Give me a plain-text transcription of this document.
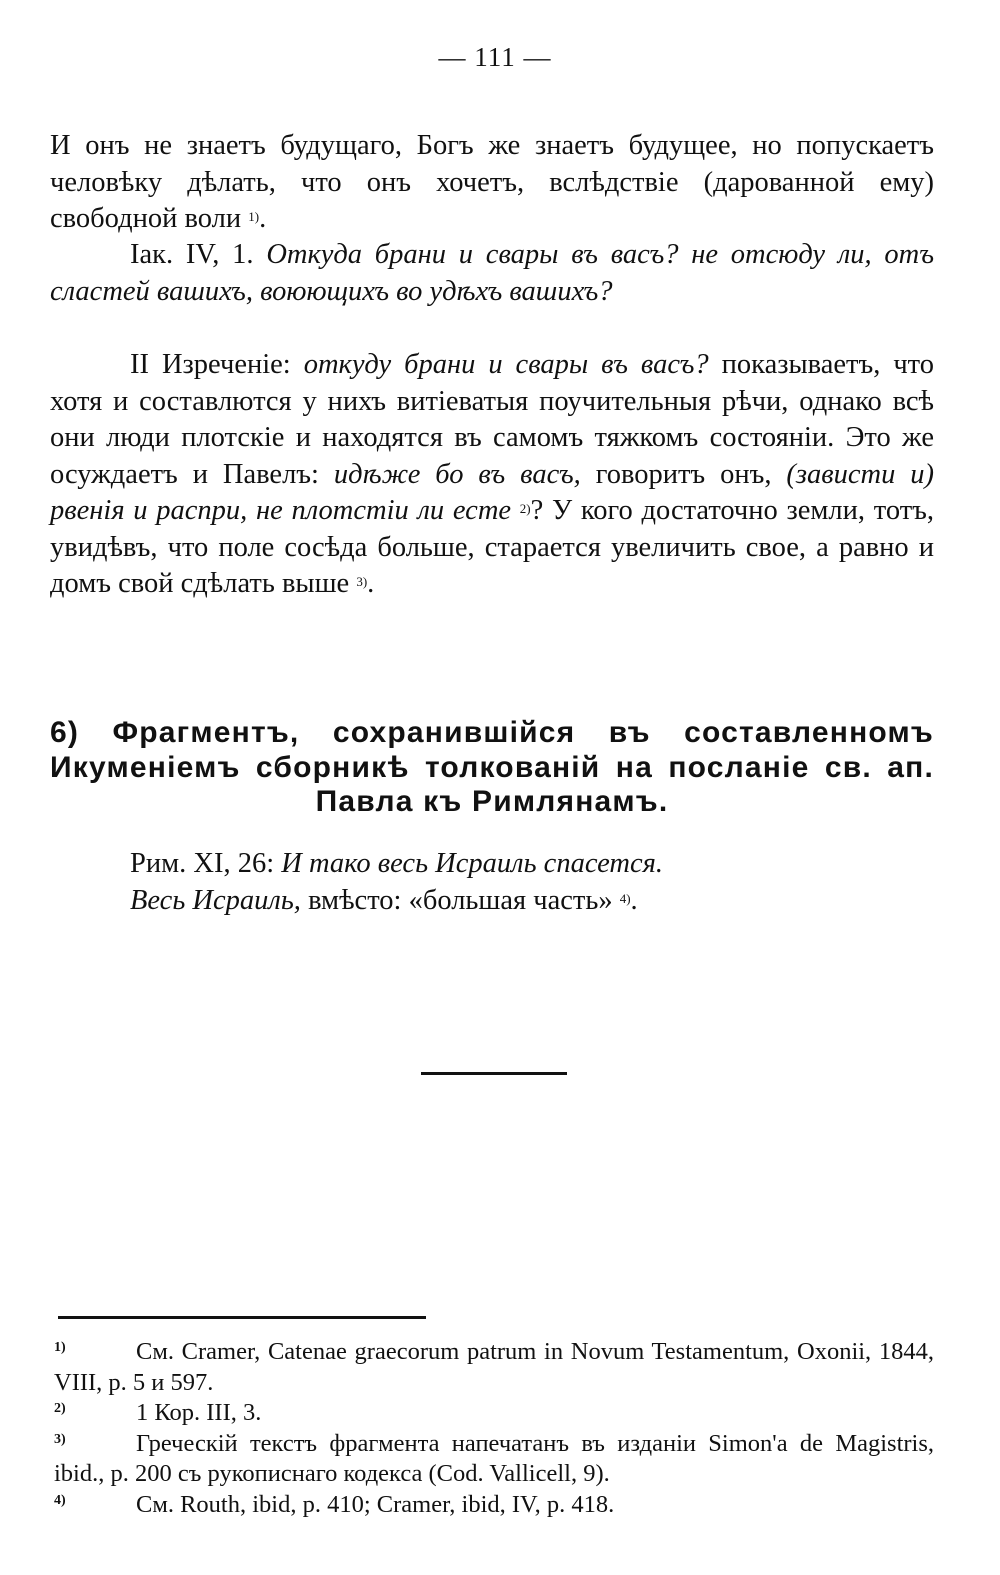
— 111 —

И онъ не знаетъ будущаго, Богъ же знаетъ будущее, но попускаетъ человѣку дѣлать, что онъ хочетъ, вслѣдствіе (дарованной ему) свободной воли $^{1)}$.

Іак. IV, 1. Откуда брани и свары въ васъ? не отсюду ли, отъ сластей вашихъ, воюющихъ во удѣхъ вашихъ?

II Изреченіе: откуду брани и свары въ васъ? показываетъ, что хотя и составлются у нихъ витіеватыя поучительныя рѣчи, однако всѣ они люди плотскіе и находятся въ самомъ тяжкомъ состояніи. Это же осуждаетъ и Павелъ: идѣже бо въ васъ, говоритъ онъ, (зависти и) рвенія и распри, не плотстіи ли есте $^{2)}$? У кого достаточно земли, тотъ, увидѣвъ, что поле сосѣда больше, старается увеличить свое, а равно и домъ свой сдѣлать выше $^{3)}$.

6) Фрагментъ, сохранившійся въ составленномъ Икуменіемъ сборникѣ толкованій на посланіе св. ап. Павла къ Римлянамъ.

Рим. XI, 26: И тако весь Исраиль спасется.
Весь Исраиль, вмѣсто: «большая часть» $^{4)}$.

$^{1)}$	См. Cramer, Catenae graecorum patrum in Novum Testamentum, Oxonii, 1844, VIII, p. 5 и 597.
$^{2)}$	1 Кор. III, 3.
$^{3)}$	Греческій текстъ фрагмента напечатанъ въ изданіи Simon'a de Magistris, ibid., p. 200 съ рукописнаго кодекса (Cod. Vallicell, 9).
$^{4)}$	См. Routh, ibid, p. 410; Cramer, ibid, IV, p. 418.
